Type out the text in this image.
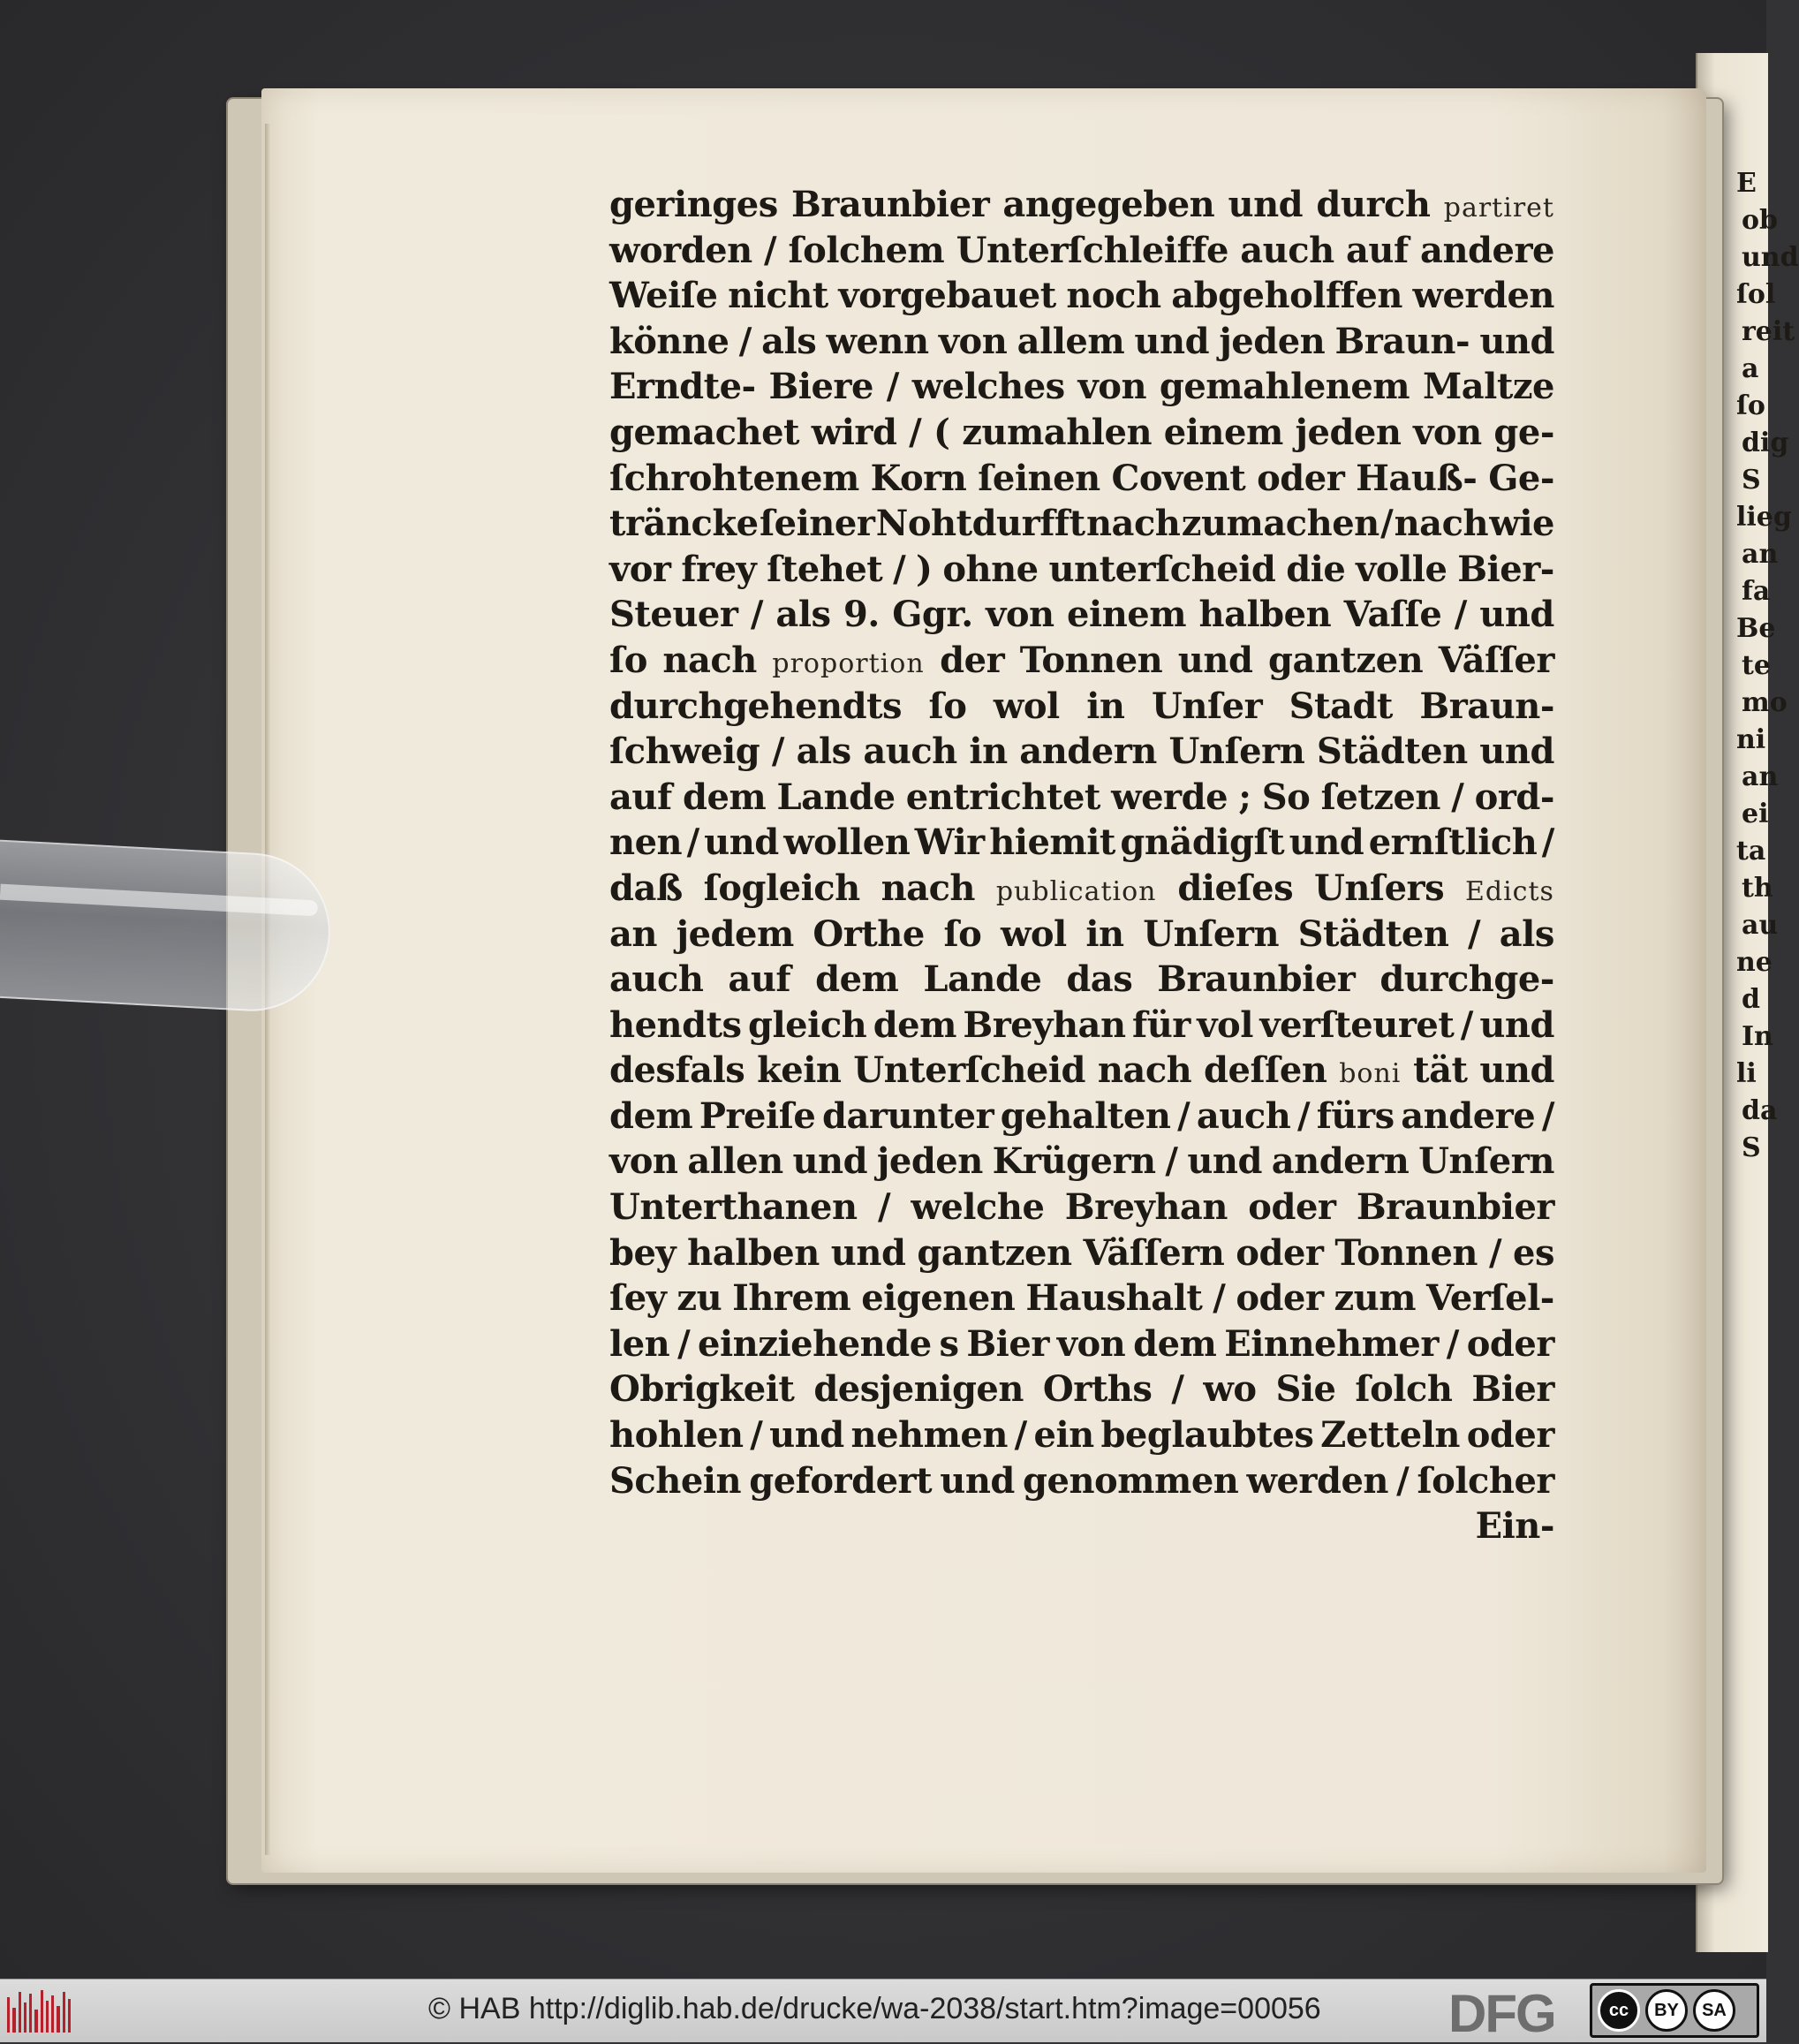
E
ob
und
ſol
reit
a
ſo
dig
S
lieg
an
fa
Be
te
mo
ni
an
ei
ta
th
au
ne
d
In
li
da
S
geringes Braunbier angegeben und durch partiret
worden / ſolchem Unterſchleiffe auch auf andere
Weiſe nicht vorgebauet noch abgeholffen werden
könne / als wenn von allem und jeden Braun- und
Erndte- Biere / welches von gemahlenem Maltze
gemachet wird / ( zumahlen einem jeden von ge-
ſchrohtenem Korn ſeinen Covent oder Hauß- Ge-
träncke ſeiner Nohtdurfft nach zumachen / nach wie
vor frey ſtehet / ) ohne unterſcheid die volle Bier-
Steuer / als 9. Ggr. von einem halben Vaſſe / und
ſo nach proportion der Tonnen und gantzen Väſſer
durchgehendts ſo wol in Unſer Stadt Braun-
ſchweig / als auch in andern Unſern Städten und
auf dem Lande entrichtet werde ; So ſetzen / ord-
nen / und wollen Wir hiemit gnädigſt und ernſtlich /
daß ſogleich nach publication dieſes Unſers Edicts
an jedem Orthe ſo wol in Unſern Städten / als
auch auf dem Lande das Braunbier durchge-
hendts gleich dem Breyhan für vol verſteuret / und
desfals kein Unterſcheid nach deſſen boni tät und
dem Preiſe darunter gehalten / auch / fürs andere /
von allen und jeden Krügern / und andern Unſern
Unterthanen / welche Breyhan oder Braunbier
bey halben und gantzen Väſſern oder Tonnen / es
ſey zu Ihrem eigenen Haushalt / oder zum Verſel-
len / einziehende s Bier von dem Einnehmer / oder
Obrigkeit desjenigen Orths / wo Sie ſolch Bier
hohlen / und nehmen / ein beglaubtes Zetteln oder
Schein gefordert und genommen werden / ſolcher
Ein-
© HAB http://diglib.hab.de/drucke/wa-2038/start.htm?image=00056 DFG	cc	BY	SA
